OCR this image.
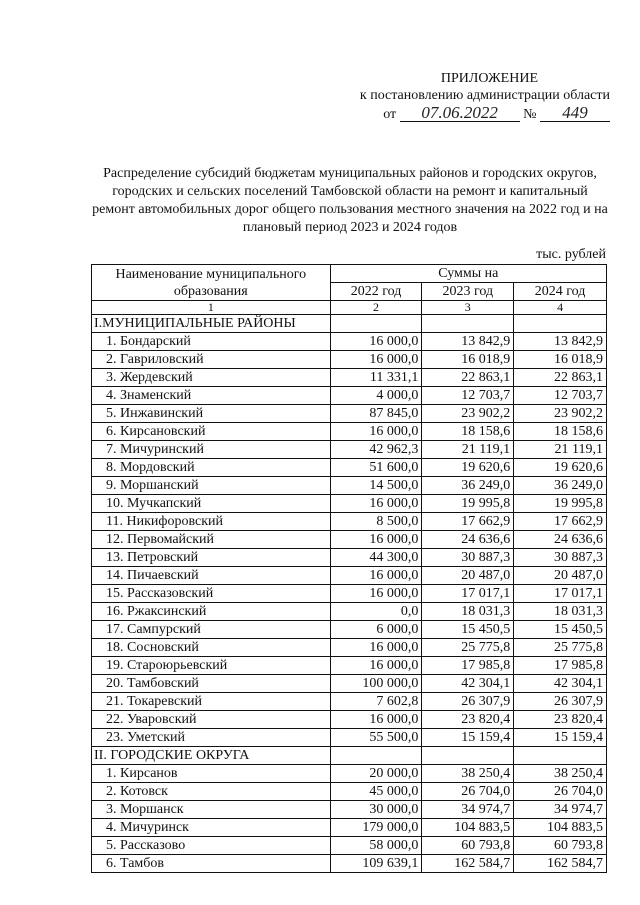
ПРИЛОЖЕНИЕ
к постановлению администрации области
от 07.06.2022 № 449
Распределение субсидий бюджетам муниципальных районов и городских округов, городских и сельских поселений Тамбовской области на ремонт и капитальный ремонт автомобильных дорог общего пользования местного значения на 2022 год и на плановый период 2023 и 2024 годов
тыс. рублей
Наименование муниципального образования	Суммы на		
	2022 год	2023 год	2024 год
1	2	3	4
I.МУНИЦИПАЛЬНЫЕ РАЙОНЫ			
1. Бондарский	16 000,0	13 842,9	13 842,9
2. Гавриловский	16 000,0	16 018,9	16 018,9
3. Жердевский	11 331,1	22 863,1	22 863,1
4. Знаменский	4 000,0	12 703,7	12 703,7
5. Инжавинский	87 845,0	23 902,2	23 902,2
6. Кирсановский	16 000,0	18 158,6	18 158,6
7. Мичуринский	42 962,3	21 119,1	21 119,1
8. Мордовский	51 600,0	19 620,6	19 620,6
9. Моршанский	14 500,0	36 249,0	36 249,0
10. Мучкапский	16 000,0	19 995,8	19 995,8
11. Никифоровский	8 500,0	17 662,9	17 662,9
12. Первомайский	16 000,0	24 636,6	24 636,6
13. Петровский	44 300,0	30 887,3	30 887,3
14. Пичаевский	16 000,0	20 487,0	20 487,0
15. Рассказовский	16 000,0	17 017,1	17 017,1
16. Ржаксинский	0,0	18 031,3	18 031,3
17. Сампурский	6 000,0	15 450,5	15 450,5
18. Сосновский	16 000,0	25 775,8	25 775,8
19. Староюрьевский	16 000,0	17 985,8	17 985,8
20. Тамбовский	100 000,0	42 304,1	42 304,1
21. Токаревский	7 602,8	26 307,9	26 307,9
22. Уваровский	16 000,0	23 820,4	23 820,4
23. Уметский	55 500,0	15 159,4	15 159,4
II. ГОРОДСКИЕ ОКРУГА			
1. Кирсанов	20 000,0	38 250,4	38 250,4
2. Котовск	45 000,0	26 704,0	26 704,0
3. Моршанск	30 000,0	34 974,7	34 974,7
4. Мичуринск	179 000,0	104 883,5	104 883,5
5. Рассказово	58 000,0	60 793,8	60 793,8
6. Тамбов	109 639,1	162 584,7	162 584,7
